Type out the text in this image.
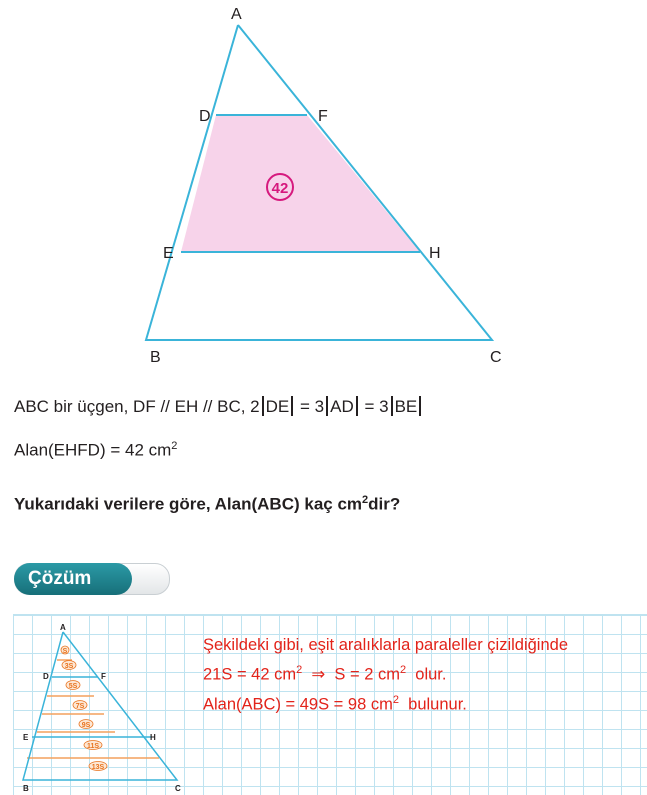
42
A
D	F
E	H
B	C
ABC bir üçgen, DF // EH // BC, 2 DE = 3 AD = 3 BE
Alan(EHFD) = 42 $cm^2$
Yukarıdaki verilere göre, Alan(ABC) kaç $cm^2dir$?
Çözüm
S
3S
5S
7S
9S
11S
13S
A
D	F
E	H
B	C
Şekildeki gibi, eşit aralıklarla paraleller çizildiğinde
21S = 42 $cm^2$ ⇒ S = 2 $cm^2$ olur.
Alan(ABC) = 49S = 98 $cm^2$ bulunur.
